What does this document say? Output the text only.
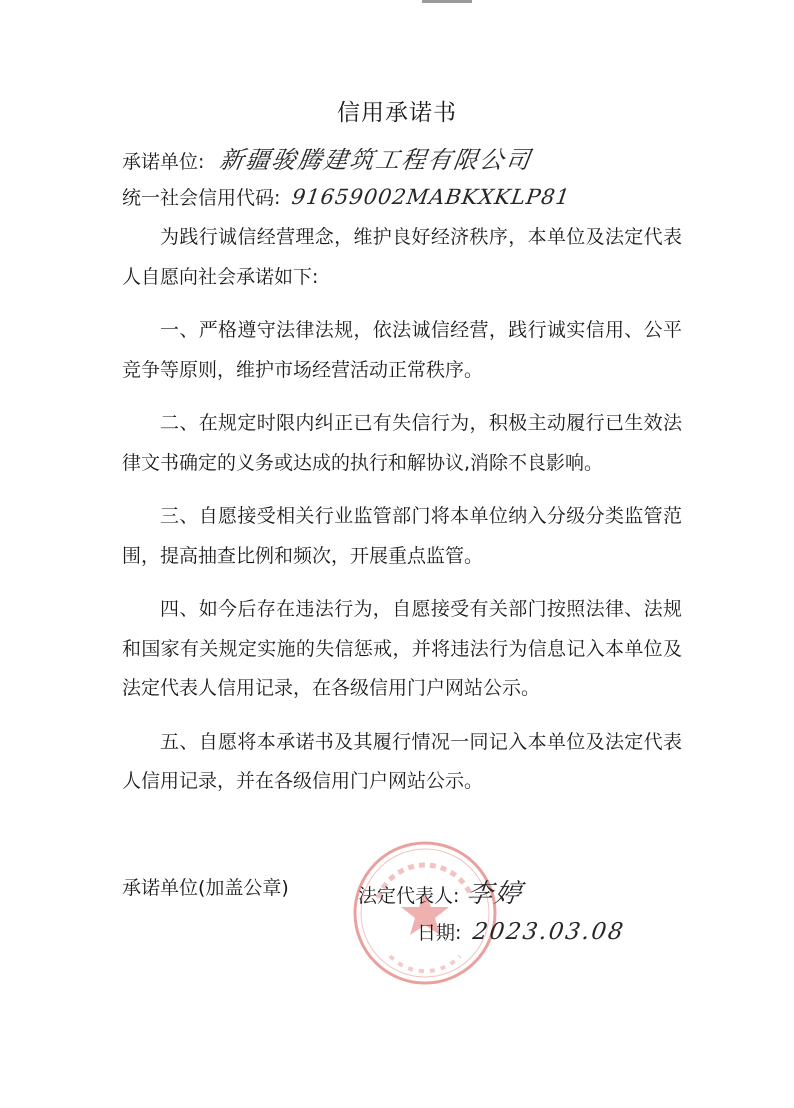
信用承诺书
承诺单位: 新疆骏腾建筑工程有限公司
统一社会信用代码: 91659002MABKXKLP81

为践行诚信经营理念，维护良好经济秩序，本单位及法定代表人自愿向社会承诺如下:

一、严格遵守法律法规，依法诚信经营，践行诚实信用、公平竞争等原则，维护市场经营活动正常秩序。

二、在规定时限内纠正已有失信行为，积极主动履行已生效法律文书确定的义务或达成的执行和解协议,消除不良影响。

三、自愿接受相关行业监管部门将本单位纳入分级分类监管范围，提高抽查比例和频次，开展重点监管。

四、如今后存在违法行为，自愿接受有关部门按照法律、法规和国家有关规定实施的失信惩戒，并将违法行为信息记入本单位及法定代表人信用记录，在各级信用门户网站公示。

五、自愿将本承诺书及其履行情况一同记入本单位及法定代表人信用记录，并在各级信用门户网站公示。

承诺单位(加盖公章)	法定代表人: 李婷
日期: 2023.03.08
